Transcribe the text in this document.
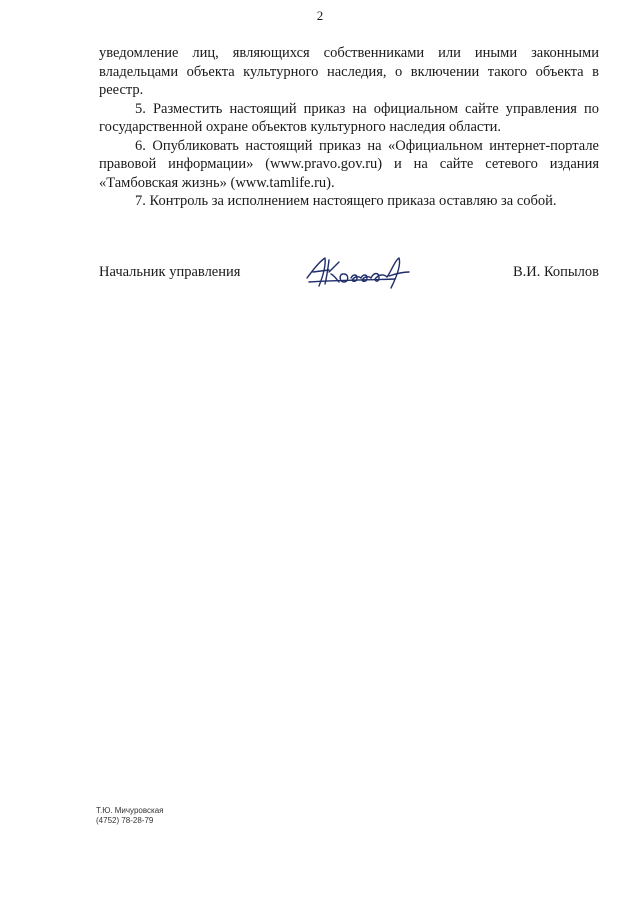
2

уведомление лиц, являющихся собственниками или иными законными владельцами объекта культурного наследия, о включении такого объекта в реестр.

5. Разместить настоящий приказ на официальном сайте управления по государственной охране объектов культурного наследия области.

6. Опубликовать настоящий приказ на «Официальном интернет-портале правовой информации» (www.pravo.gov.ru) и на сайте сетевого издания «Тамбовская жизнь» (www.tamlife.ru).

7. Контроль за исполнением настоящего приказа оставляю за собой.

Начальник управления	В.И. Копылов
Т.Ю. Мичуровская
(4752) 78-28-79
